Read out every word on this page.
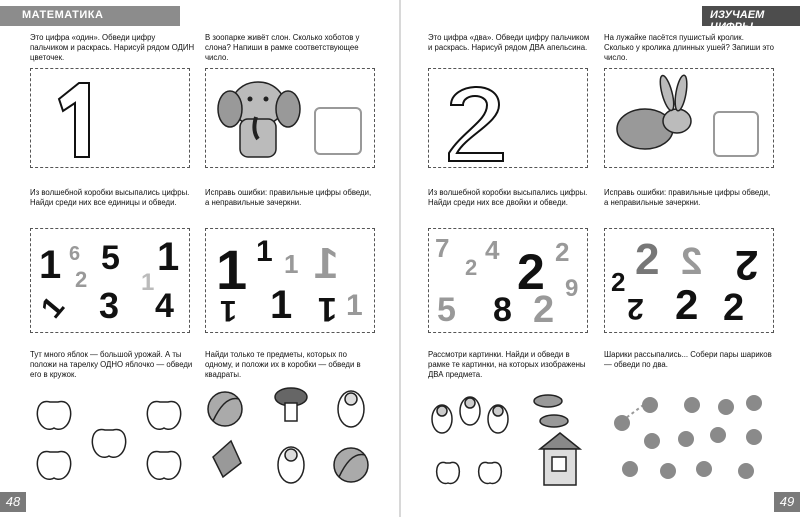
МАТЕМАТИКА
Это цифра «один». Обведи цифру пальчиком и раскрась. Нарисуй рядом ОДИН цветочек.
В зоопарке живёт слон. Сколько хоботов у слона? Напиши в рамке соответствующее число.
Из волшебной коробки высыпались цифры. Найди среди них все единицы и обведи.
Исправь ошибки: правильные цифры обведи, а неправильные зачеркни.
1 6 5 1
2
3
1
4
1
1 1 1 1
1 1 1 1
Тут много яблок — большой урожай. А ты положи на тарелку ОДНО яблочко — обведи его в кружок.
Найди только те предметы, которых по одному, и положи их в коробки — обведи в квадраты.
48
ИЗУЧАЕМ ЦИФРЫ
Это цифра «два». Обведи цифру пальчиком и раскрась. Нарисуй рядом ДВА апельсина.
На лужайке пасётся пушистый кролик. Сколько у кролика длинных ушей? Запиши это число.
Из волшебной коробки высыпались цифры. Найди среди них все двойки и обведи.
Исправь ошибки: правильные цифры обведи, а неправильные зачеркни.
7
2
4 2 2
5 8 2
9
2 2 2
2
2 2 2
Рассмотри картинки. Найди и обведи в рамке те картинки, на которых изображены ДВА предмета.
Шарики рассыпались... Собери пары шариков — обведи по два.
49
